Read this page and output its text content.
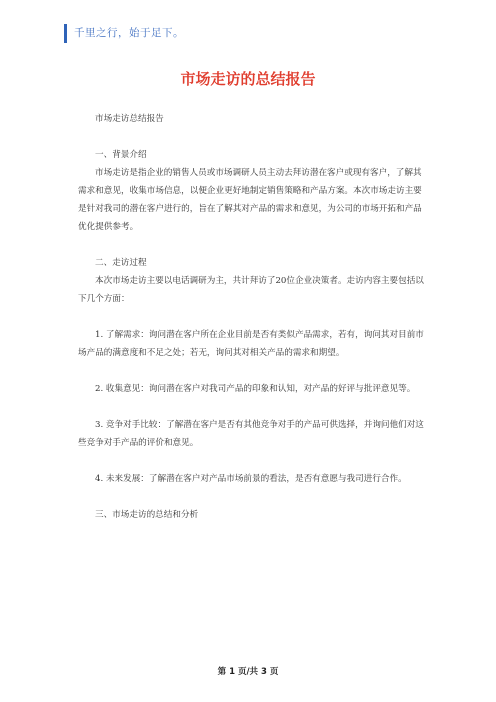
千里之行，始于足下。
市场走访的总结报告

市场走访总结报告

一、背景介绍

市场走访是指企业的销售人员或市场调研人员主动去拜访潜在客户或现有客户，了解其需求和意见，收集市场信息，以便企业更好地制定销售策略和产品方案。本次市场走访主要是针对我司的潜在客户进行的，旨在了解其对产品的需求和意见，为公司的市场开拓和产品优化提供参考。

二、走访过程

本次市场走访主要以电话调研为主，共计拜访了20位企业决策者。走访内容主要包括以下几个方面：

1. 了解需求：询问潜在客户所在企业目前是否有类似产品需求，若有，询问其对目前市场产品的满意度和不足之处；若无，询问其对相关产品的需求和期望。

2. 收集意见：询问潜在客户对我司产品的印象和认知，对产品的好评与批评意见等。

3. 竞争对手比较：了解潜在客户是否有其他竞争对手的产品可供选择，并询问他们对这些竞争对手产品的评价和意见。

4. 未来发展：了解潜在客户对产品市场前景的看法，是否有意愿与我司进行合作。

三、市场走访的总结和分析

第 1 页/共 3 页
